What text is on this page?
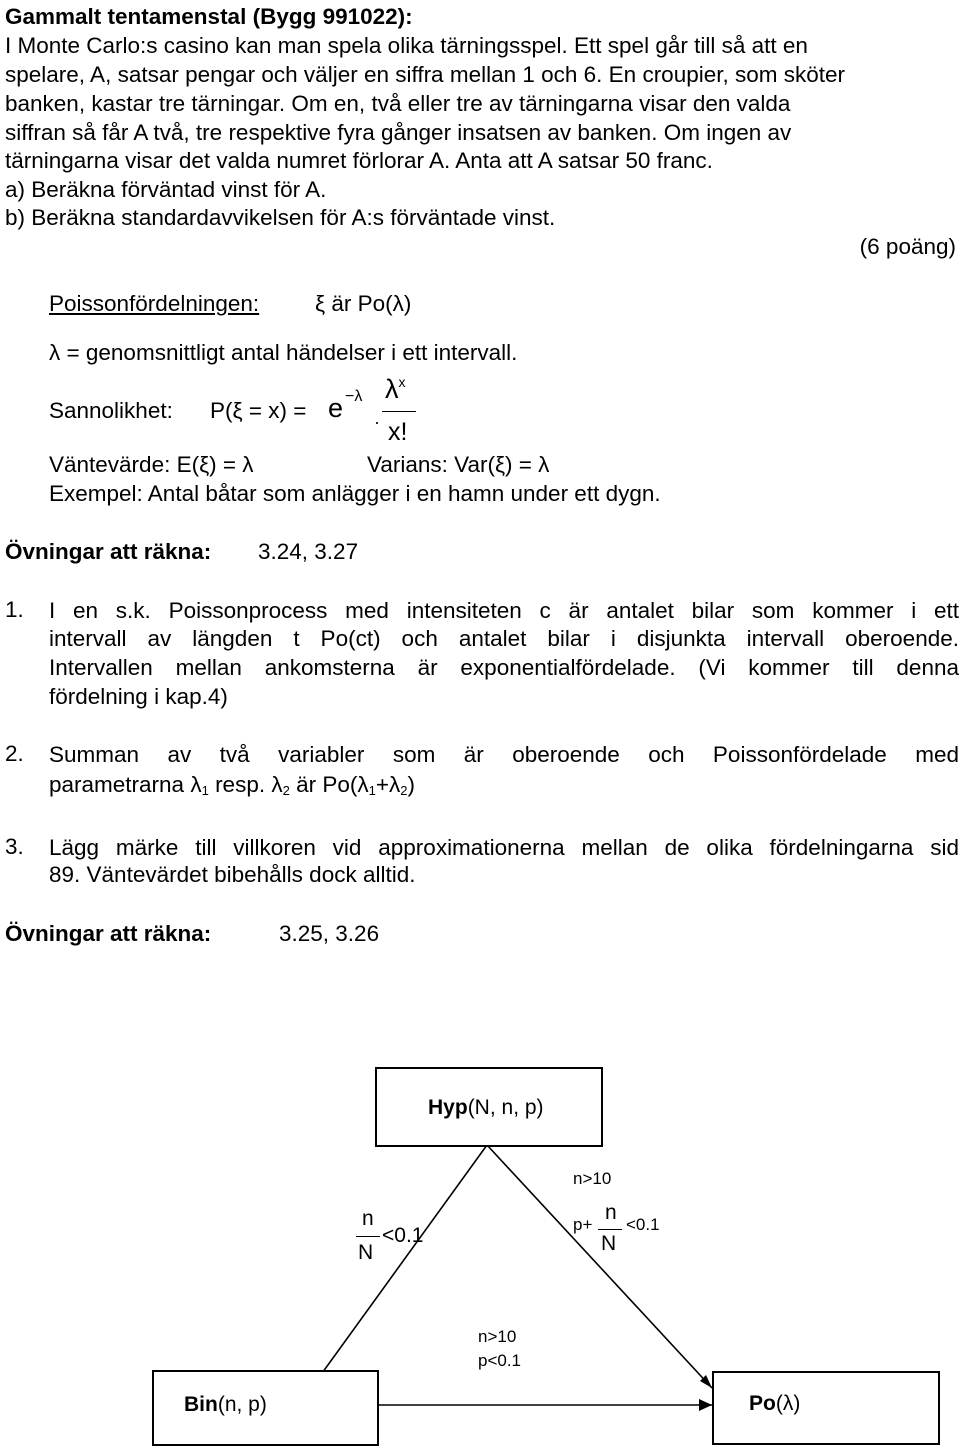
Gammalt tentamenstal (Bygg 991022):
I Monte Carlo:s casino kan man spela olika tärningsspel. Ett spel går till så att en
spelare, A, satsar pengar och väljer en siffra mellan 1 och 6. En croupier, som sköter
banken, kastar tre tärningar. Om en, två eller tre av tärningarna visar den valda
siffran så får A två, tre respektive fyra gånger insatsen av banken. Om ingen av
tärningarna visar det valda numret förlorar A. Anta att A satsar 50 franc.
a) Beräkna förväntad vinst för A.
b) Beräkna standardavvikelsen för A:s förväntade vinst.
(6 poäng)
Poissonfördelningen: ξ är Po(λ)
λ = genomsnittligt antal händelser i ett intervall.
Sannolikhet: P(ξ = x) = e −λ
·
$\lambda^x$
x!
Väntevärde: E(ξ) = λ	Varians: Var(ξ) = λ
Exempel: Antal båtar som anlägger i en hamn under ett dygn.
Övningar att räkna: 3.24, 3.27
1. I en s.k. Poissonprocess med intensiteten c är antalet bilar som kommer i ett
intervall av längden t Po(ct) och antalet bilar i disjunkta intervall oberoende.
Intervallen mellan ankomsterna är exponentialfördelade. (Vi kommer till denna
fördelning i kap.4)
2. Summan av två variabler som är oberoende och Poissonfördelade med
parametrarna $\lambda_1$ resp. $\lambda_2$ är $Po(\lambda_1+\lambda_2)$
3. Lägg märke till villkoren vid approximationerna mellan de olika fördelningarna sid
89. Väntevärdet bibehålls dock alltid.
Övningar att räkna:	3.25, 3.26
Hyp(N, n, p)
Bin(n, p)	Po(λ)
n
N
<0.1
n>10
p+
n
N
<0.1
n>10
p<0.1
